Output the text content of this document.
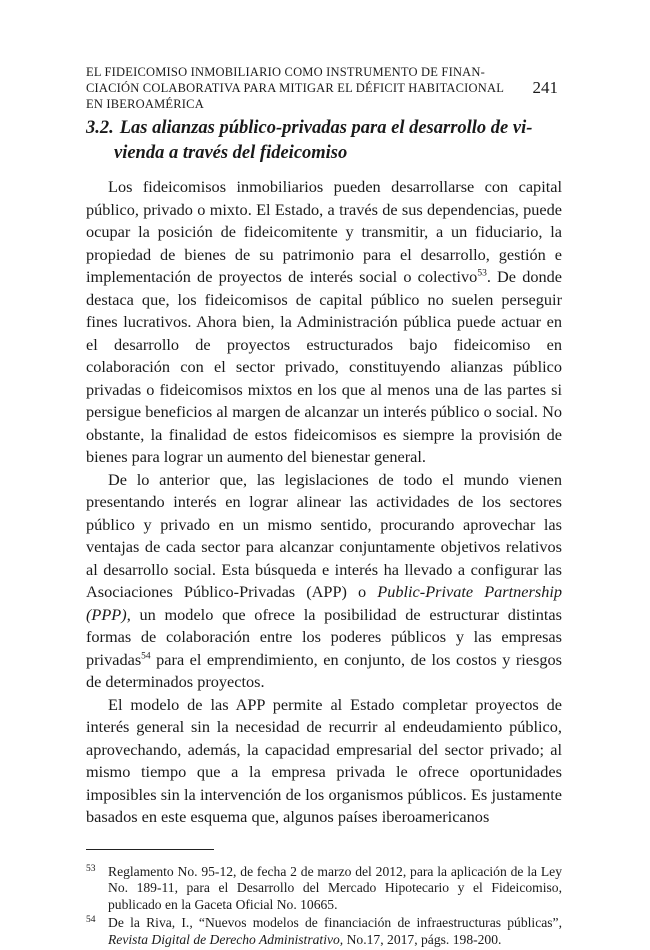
EL FIDEICOMISO INMOBILIARIO COMO INSTRUMENTO DE FINAN-
CIACIÓN COLABORATIVA PARA MITIGAR EL DÉFICIT HABITACIONAL
EN IBEROAMÉRICA
241
3.2. Las alianzas público-privadas para el desarrollo de vi-
vienda a través del fideicomiso

Los fideicomisos inmobiliarios pueden desarrollarse con capital público, privado o mixto. El Estado, a través de sus dependencias, puede ocupar la posición de fideicomitente y transmitir, a un fiduciario, la propiedad de bienes de su patrimonio para el desarrollo, gestión e implementación de proyectos de interés social o colectivo$^{53}$. De donde destaca que, los fideicomisos de capital público no suelen perseguir fines lucrativos. Ahora bien, la Administración pública puede actuar en el desarrollo de proyectos estructurados bajo fideicomiso en colaboración con el sector privado, constituyendo alianzas público privadas o fideicomisos mixtos en los que al menos una de las partes si persigue beneficios al margen de alcanzar un interés público o social. No obstante, la finalidad de estos fideicomisos es siempre la provisión de bienes para lograr un aumento del bienestar general.

De lo anterior que, las legislaciones de todo el mundo vienen presentando interés en lograr alinear las actividades de los sectores público y privado en un mismo sentido, procurando aprovechar las ventajas de cada sector para alcanzar conjuntamente objetivos relativos al desarrollo social. Esta búsqueda e interés ha llevado a configurar las Asociaciones Público-Privadas (APP) o Public-Private Partnership (PPP), un modelo que ofrece la posibilidad de estructurar distintas formas de colaboración entre los poderes públicos y las empresas privadas$^{54}$ para el emprendimiento, en conjunto, de los costos y riesgos de determinados proyectos.

El modelo de las APP permite al Estado completar proyectos de interés general sin la necesidad de recurrir al endeudamiento público, aprovechando, además, la capacidad empresarial del sector privado; al mismo tiempo que a la empresa privada le ofrece oportunidades imposibles sin la intervención de los organismos públicos. Es justamente basados en este esquema que, algunos países iberoamericanos

53 Reglamento No. 95-12, de fecha 2 de marzo del 2012, para la aplicación de la Ley No. 189-11, para el Desarrollo del Mercado Hipotecario y el Fideicomiso, publicado en la Gaceta Oficial No. 10665.
54 De la Riva, I., “Nuevos modelos de financiación de infraestructuras públicas”, Revista Digital de Derecho Administrativo, No.17, 2017, págs. 198-200.
